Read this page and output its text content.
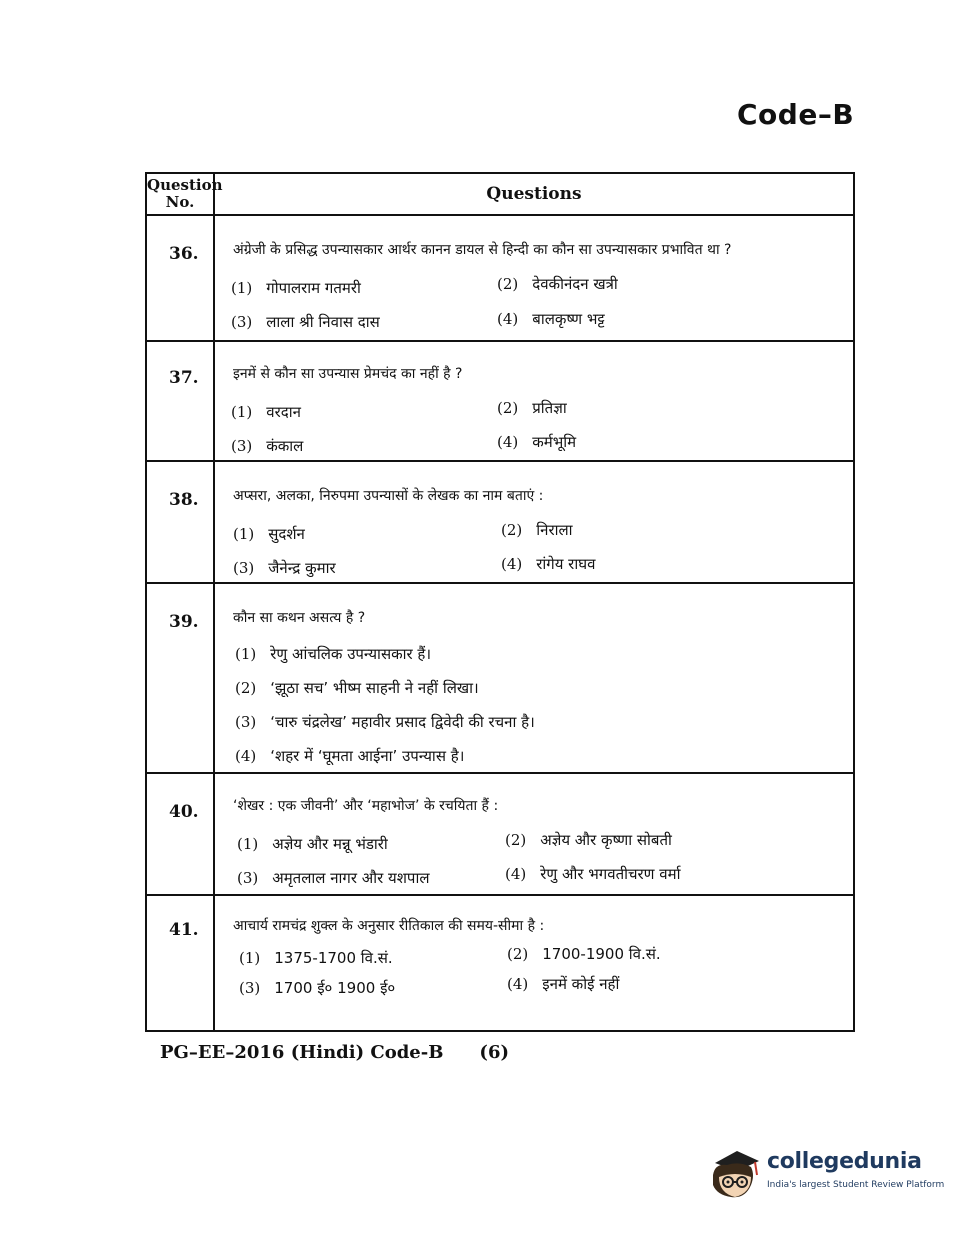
Code–B
Question No.	Questions
36. अंग्रेजी के प्रसिद्ध उपन्यासकार आर्थर कानन डायल से हिन्दी का कौन सा उपन्यासकार प्रभावित था ?
(1) गोपालराम गतमरी	(2) देवकीनंदन खत्री
(3) लाला श्री निवास दास	(4) बालकृष्ण भट्ट
37. इनमें से कौन सा उपन्यास प्रेमचंद का नहीं है ?
(1) वरदान	(2) प्रतिज्ञा
(3) कंकाल	(4) कर्मभूमि
38. अप्सरा, अलका, निरुपमा उपन्यासों के लेखक का नाम बताएं :
(1) सुदर्शन	(2) निराला
(3) जैनेन्द्र कुमार	(4) रांगेय राघव
39. कौन सा कथन असत्य है ?
(1) रेणु आंचलिक उपन्यासकार हैं।
(2) ‘झूठा सच’ भीष्म साहनी ने नहीं लिखा।
(3) ‘चारु चंद्रलेख’ महावीर प्रसाद द्विवेदी की रचना है।
(4) ‘शहर में ‘घूमता आईना’ उपन्यास है।
40. ‘शेखर : एक जीवनी’ और ‘महाभोज’ के रचयिता हैं :
(1) अज्ञेय और मन्नू भंडारी	(2) अज्ञेय और कृष्णा सोबती
(3) अमृतलाल नागर और यशपाल	(4) रेणु और भगवतीचरण वर्मा
41. आचार्य रामचंद्र शुक्ल के अनुसार रीतिकाल की समय-सीमा है :
(1) 1375-1700 वि.सं.	(2) 1700-1900 वि.सं.
(3) 1700 ई० 1900 ई०	(4) इनमें कोई नहीं
PG–EE–2016 (Hindi) Code-B (6)
collegedunia
India's largest Student Review Platform
